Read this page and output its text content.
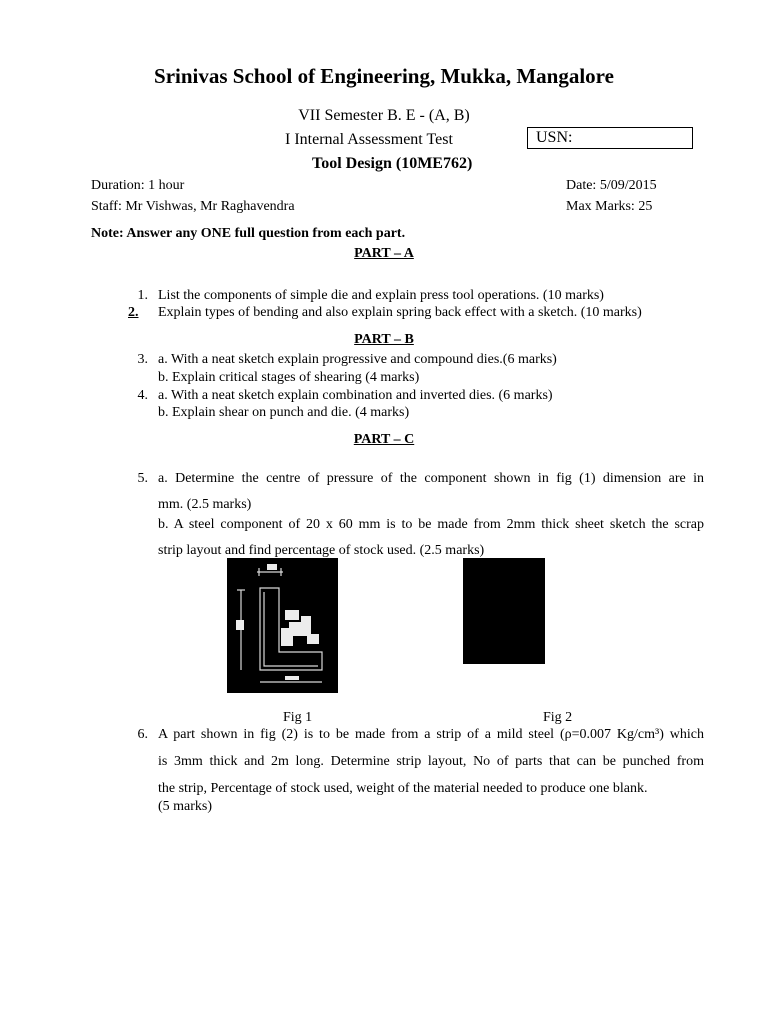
Srinivas School of Engineering, Mukka, Mangalore
VII Semester B. E - (A, B)
I Internal Assessment Test	USN:
Tool Design (10ME762)
Duration: 1 hour	Date: 5/09/2015
Staff: Mr Vishwas, Mr Raghavendra	Max Marks: 25
Note: Answer any ONE full question from each part.
PART – A
1. List the components of simple die and explain press tool operations. (10 marks)
2.	Explain types of bending and also explain spring back effect with a sketch. (10 marks)
PART – B
3. a. With a neat sketch explain progressive and compound dies.(6 marks)
b. Explain critical stages of shearing (4 marks)
4. a. With a neat sketch explain combination and inverted dies. (6 marks)
b. Explain shear on punch and die. (4 marks)
PART – C
5. a. Determine the centre of pressure of the component shown in fig (1) dimension are in
mm. (2.5 marks)
b. A steel component of 20 x 60 mm is to be made from 2mm thick sheet sketch the scrap
strip layout and find percentage of stock used. (2.5 marks)
Fig 1	Fig 2
6. A part shown in fig (2) is to be made from a strip of a mild steel (ρ=0.007 Kg/cm³) which
is 3mm thick and 2m long. Determine strip layout, No of parts that can be punched from
the strip, Percentage of stock used, weight of the material needed to produce one blank.
(5 marks)
